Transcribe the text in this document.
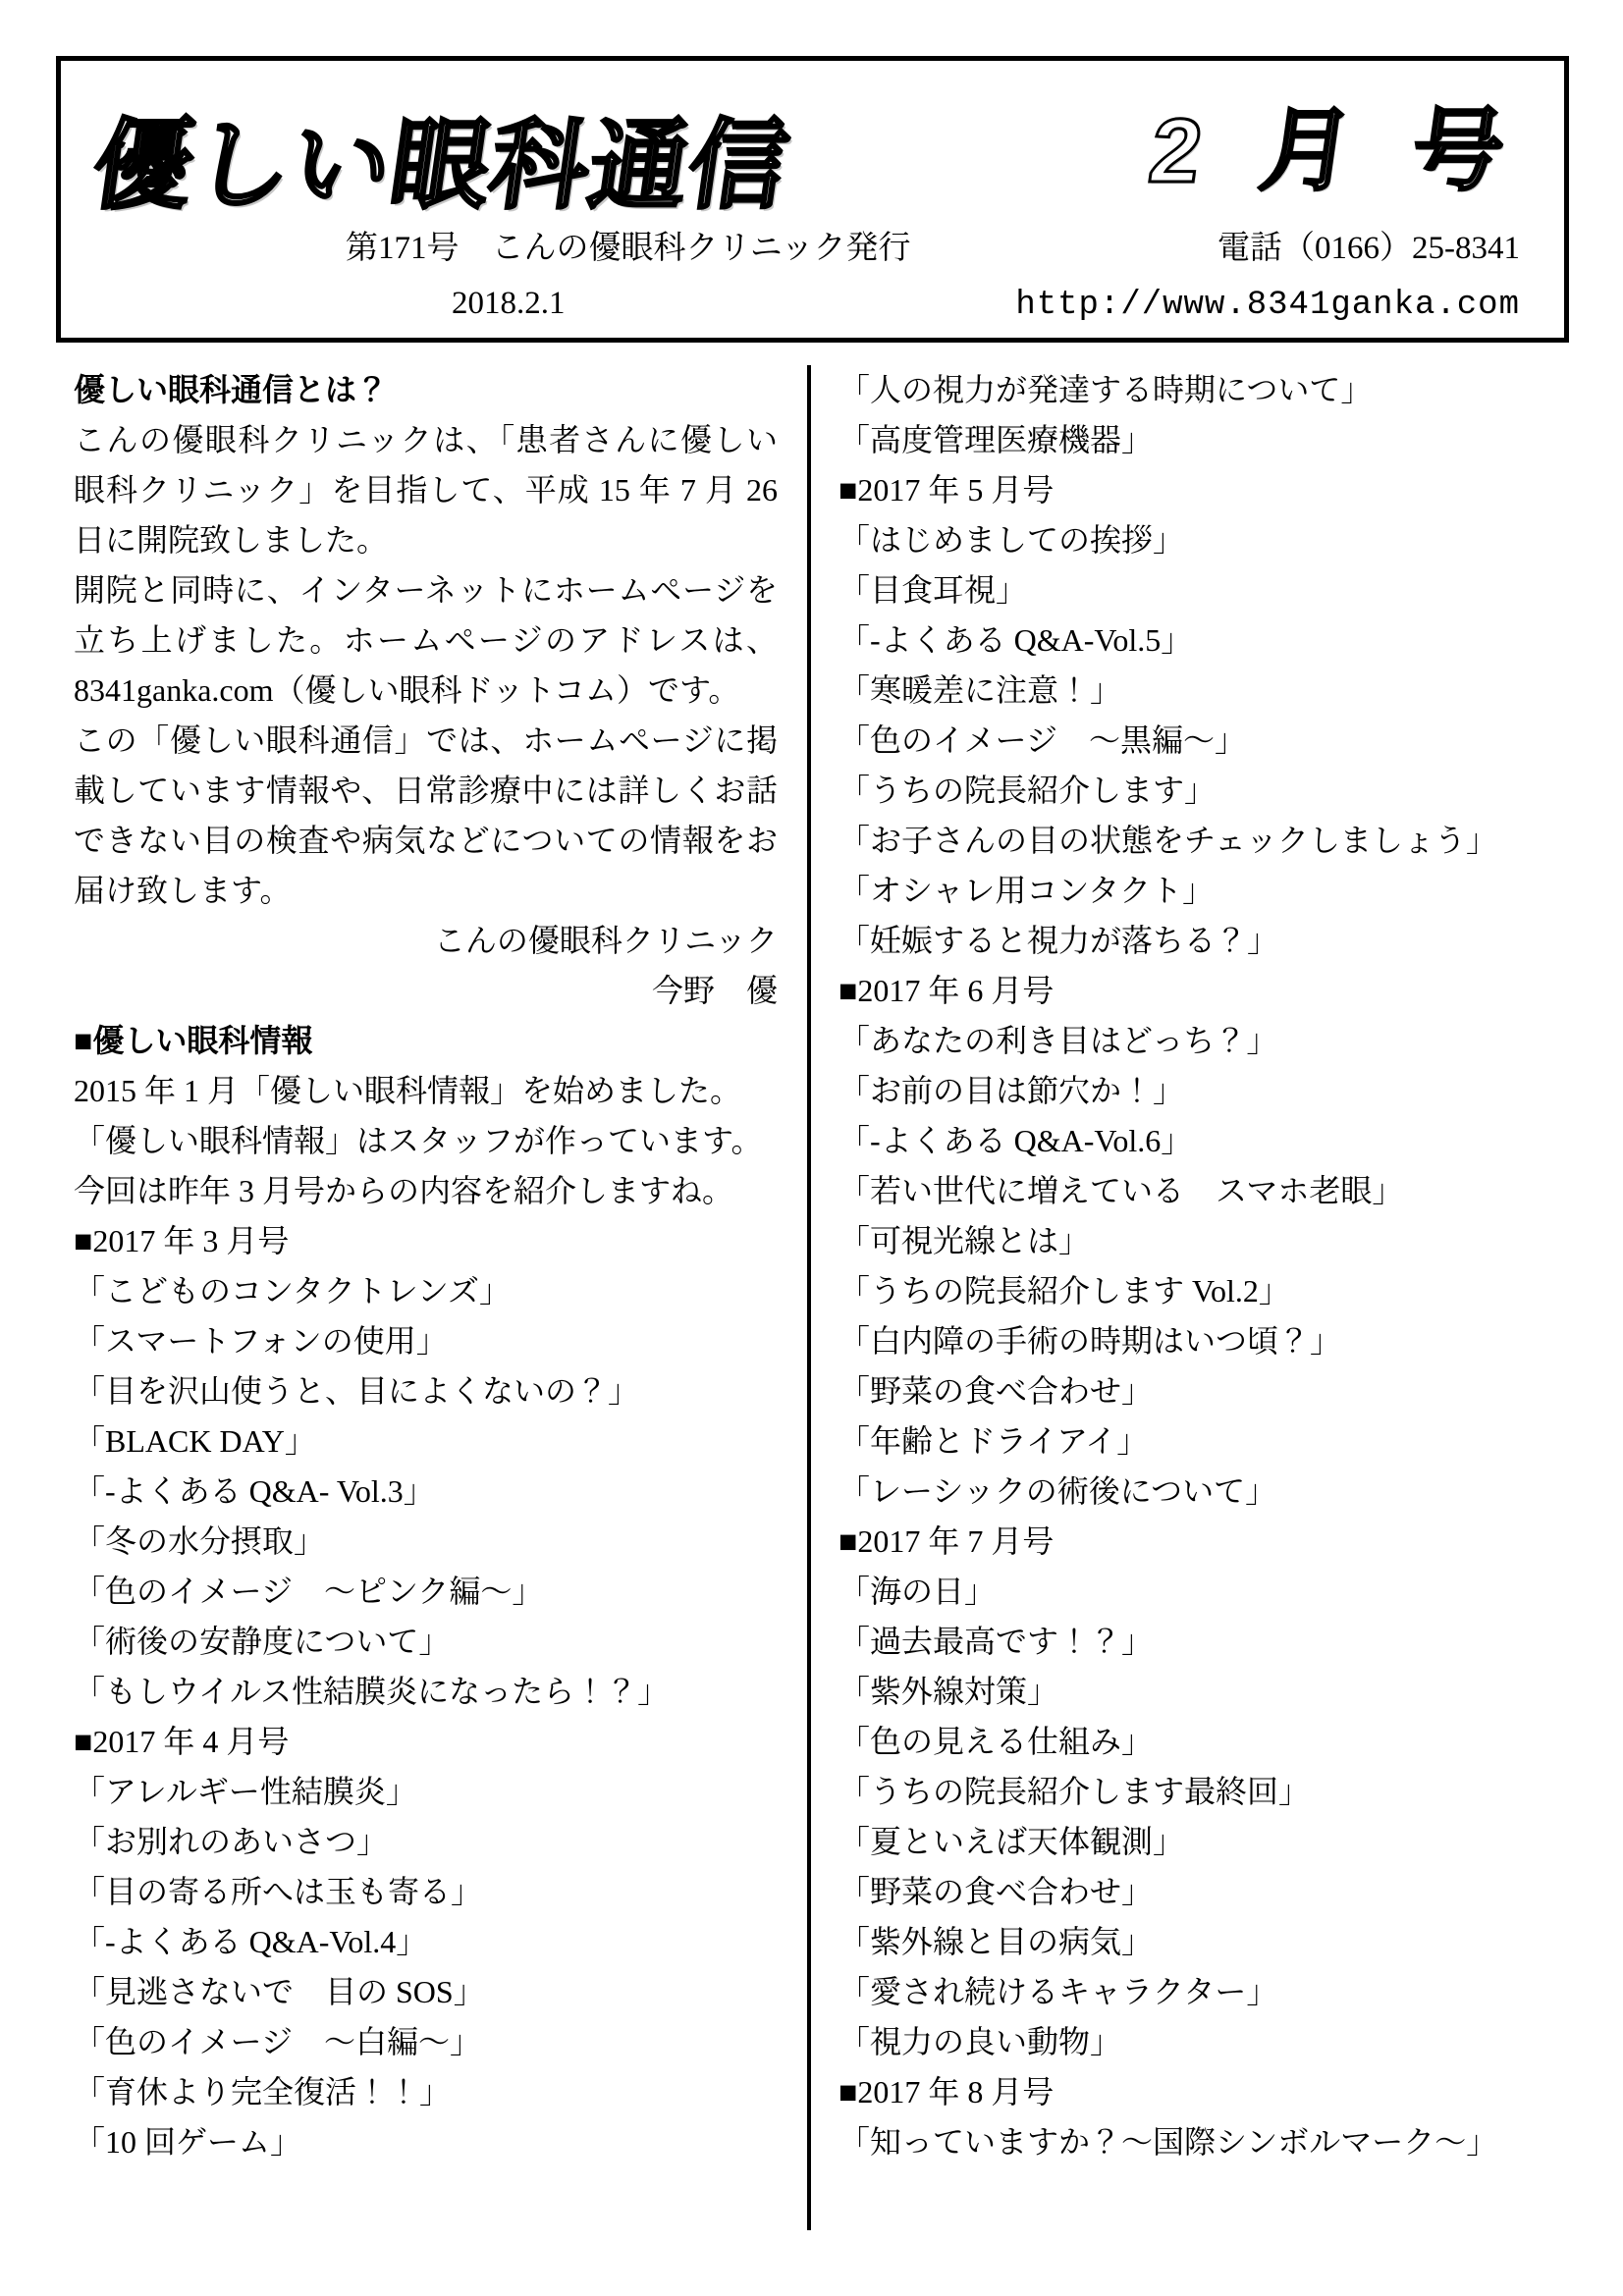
優しい眼科通信	2月号
第171号　こんの優眼科クリニック発行	電話（0166）25-8341
2018.2.1	http://www.8341ganka.com
優しい眼科通信とは？

こんの優眼科クリニックは、「患者さんに優しい眼科クリニック」を目指して、平成 15 年 7 月 26 日に開院致しました。

開院と同時に、インターネットにホームページを立ち上げました。ホームページのアドレスは、8341ganka.com（優しい眼科ドットコム）です。

この「優しい眼科通信」では、ホームページに掲載しています情報や、日常診療中には詳しくお話できない目の検査や病気などについての情報をお届け致します。

こんの優眼科クリニック
今野　優
■優しい眼科情報
2015 年 1 月「優しい眼科情報」を始めました。
「優しい眼科情報」はスタッフが作っています。
今回は昨年 3 月号からの内容を紹介しますね。
■2017 年 3 月号
「こどものコンタクトレンズ」
「スマートフォンの使用」
「目を沢山使うと、目によくないの？」
「BLACK DAY」
「-よくある Q&A- Vol.3」
「冬の水分摂取」
「色のイメージ　～ピンク編～」
「術後の安静度について」
「もしウイルス性結膜炎になったら！？」
■2017 年 4 月号
「アレルギー性結膜炎」
「お別れのあいさつ」
「目の寄る所へは玉も寄る」
「-よくある Q&A-Vol.4」
「見逃さないで　目の SOS」
「色のイメージ　～白編～」
「育休より完全復活！！」
「10 回ゲーム」
「人の視力が発達する時期について」
「高度管理医療機器」
■2017 年 5 月号
「はじめましての挨拶」
「目食耳視」
「-よくある Q&A-Vol.5」
「寒暖差に注意！」
「色のイメージ　～黒編～」
「うちの院長紹介します」
「お子さんの目の状態をチェックしましょう」
「オシャレ用コンタクト」
「妊娠すると視力が落ちる？」
■2017 年 6 月号
「あなたの利き目はどっち？」
「お前の目は節穴か！」
「-よくある Q&A-Vol.6」
「若い世代に増えている　スマホ老眼」
「可視光線とは」
「うちの院長紹介します Vol.2」
「白内障の手術の時期はいつ頃？」
「野菜の食べ合わせ」
「年齢とドライアイ」
「レーシックの術後について」
■2017 年 7 月号
「海の日」
「過去最高です！？」
「紫外線対策」
「色の見える仕組み」
「うちの院長紹介します最終回」
「夏といえば天体観測」
「野菜の食べ合わせ」
「紫外線と目の病気」
「愛され続けるキャラクター」
「視力の良い動物」
■2017 年 8 月号
「知っていますか？～国際シンボルマーク～」
